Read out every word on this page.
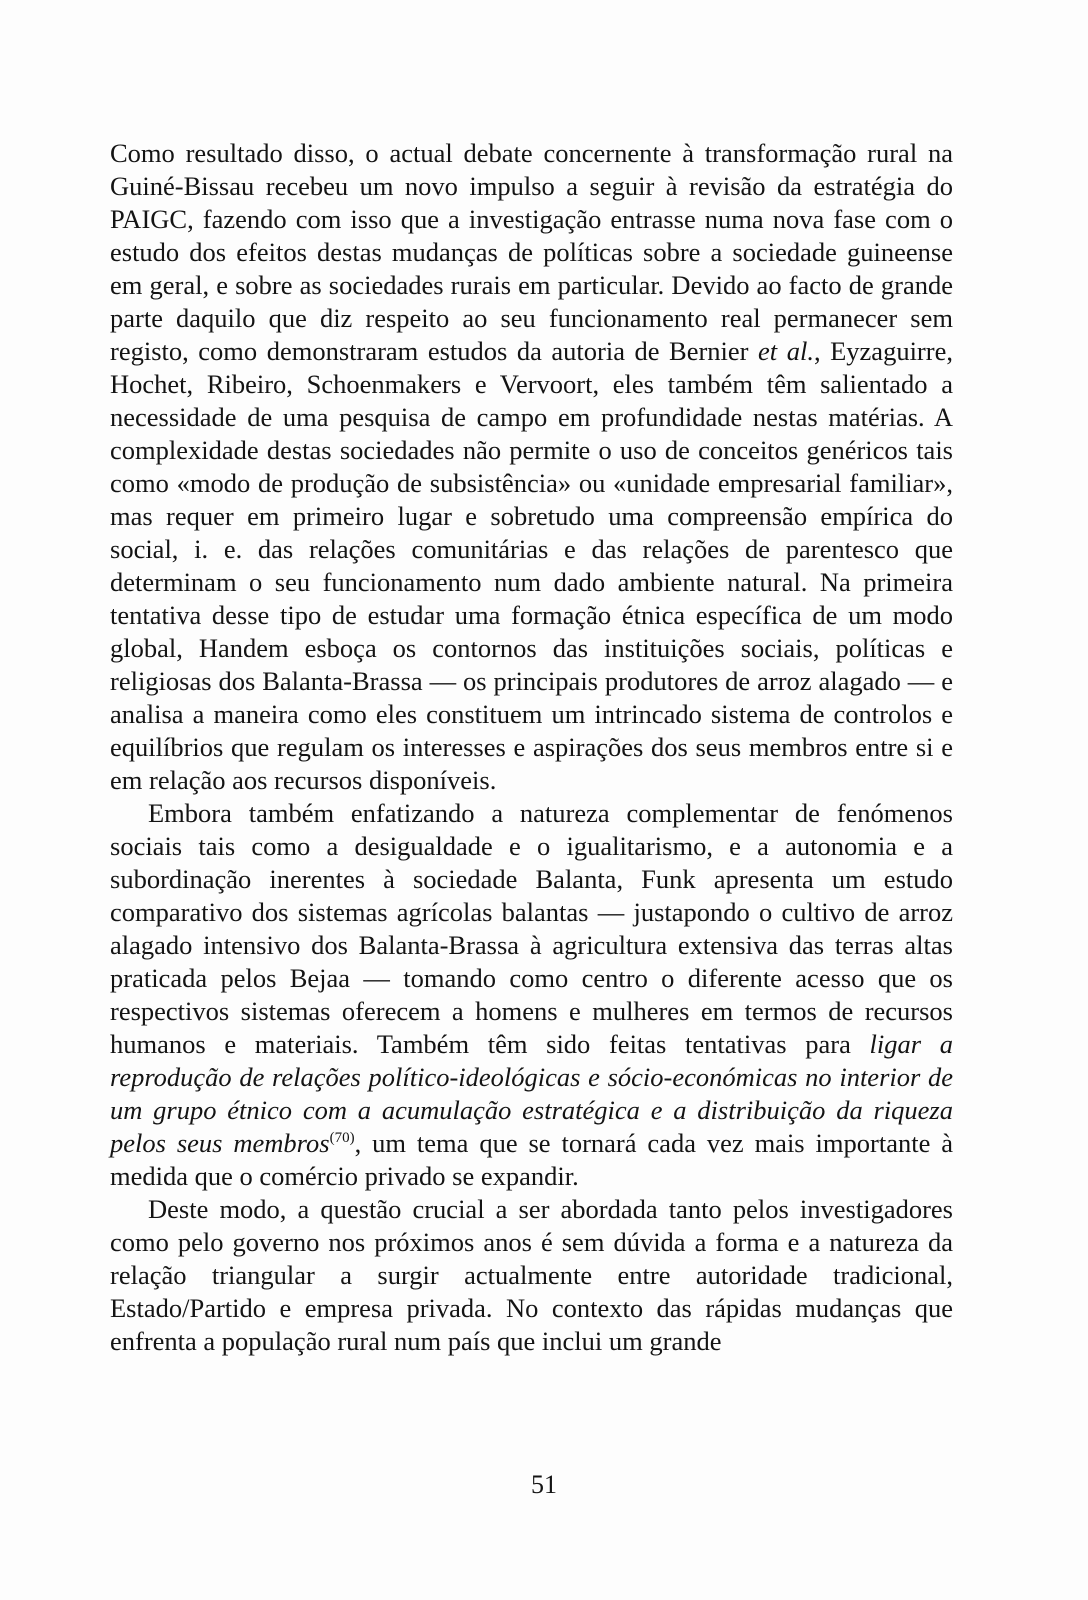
Como resultado disso, o actual debate concernente à transformação rural na Guiné-Bissau recebeu um novo impulso a seguir à revisão da estratégia do PAIGC, fazendo com isso que a investigação entrasse numa nova fase com o estudo dos efeitos destas mudanças de políticas sobre a sociedade guineense em geral, e sobre as sociedades rurais em particular. Devido ao facto de grande parte daquilo que diz respeito ao seu funcionamento real permanecer sem registo, como demonstraram estudos da autoria de Bernier et al., Eyzaguirre, Hochet, Ribeiro, Schoenmakers e Vervoort, eles também têm salientado a necessidade de uma pesquisa de campo em profundidade nestas matérias. A complexidade destas sociedades não permite o uso de conceitos genéricos tais como «modo de produção de subsistência» ou «unidade empresarial familiar», mas requer em primeiro lugar e sobretudo uma compreensão empírica do social, i. e. das relações comunitárias e das relações de parentesco que determinam o seu funcionamento num dado ambiente natural. Na primeira tentativa desse tipo de estudar uma formação étnica específica de um modo global, Handem esboça os contornos das instituições sociais, políticas e religiosas dos Balanta-Brassa — os principais produtores de arroz alagado — e analisa a maneira como eles constituem um intrincado sistema de controlos e equilíbrios que regulam os interesses e aspirações dos seus membros entre si e em relação aos recursos disponíveis.

Embora também enfatizando a natureza complementar de fenómenos sociais tais como a desigualdade e o igualitarismo, e a autonomia e a subordinação inerentes à sociedade Balanta, Funk apresenta um estudo comparativo dos sistemas agrícolas balantas — justapondo o cultivo de arroz alagado intensivo dos Balanta-Brassa à agricultura extensiva das terras altas praticada pelos Bejaa — tomando como centro o diferente acesso que os respectivos sistemas oferecem a homens e mulheres em termos de recursos humanos e materiais. Também têm sido feitas tentativas para ligar a reprodução de relações político-ideológicas e sócio-económicas no interior de um grupo étnico com a acumulação estratégica e a distribuição da riqueza pelos seus membros$^{(70)}$, um tema que se tornará cada vez mais importante à medida que o comércio privado se expandir.

Deste modo, a questão crucial a ser abordada tanto pelos investigadores como pelo governo nos próximos anos é sem dúvida a forma e a natureza da relação triangular a surgir actualmente entre autoridade tradicional, Estado/Partido e empresa privada. No contexto das rápidas mudanças que enfrenta a população rural num país que inclui um grande

51
